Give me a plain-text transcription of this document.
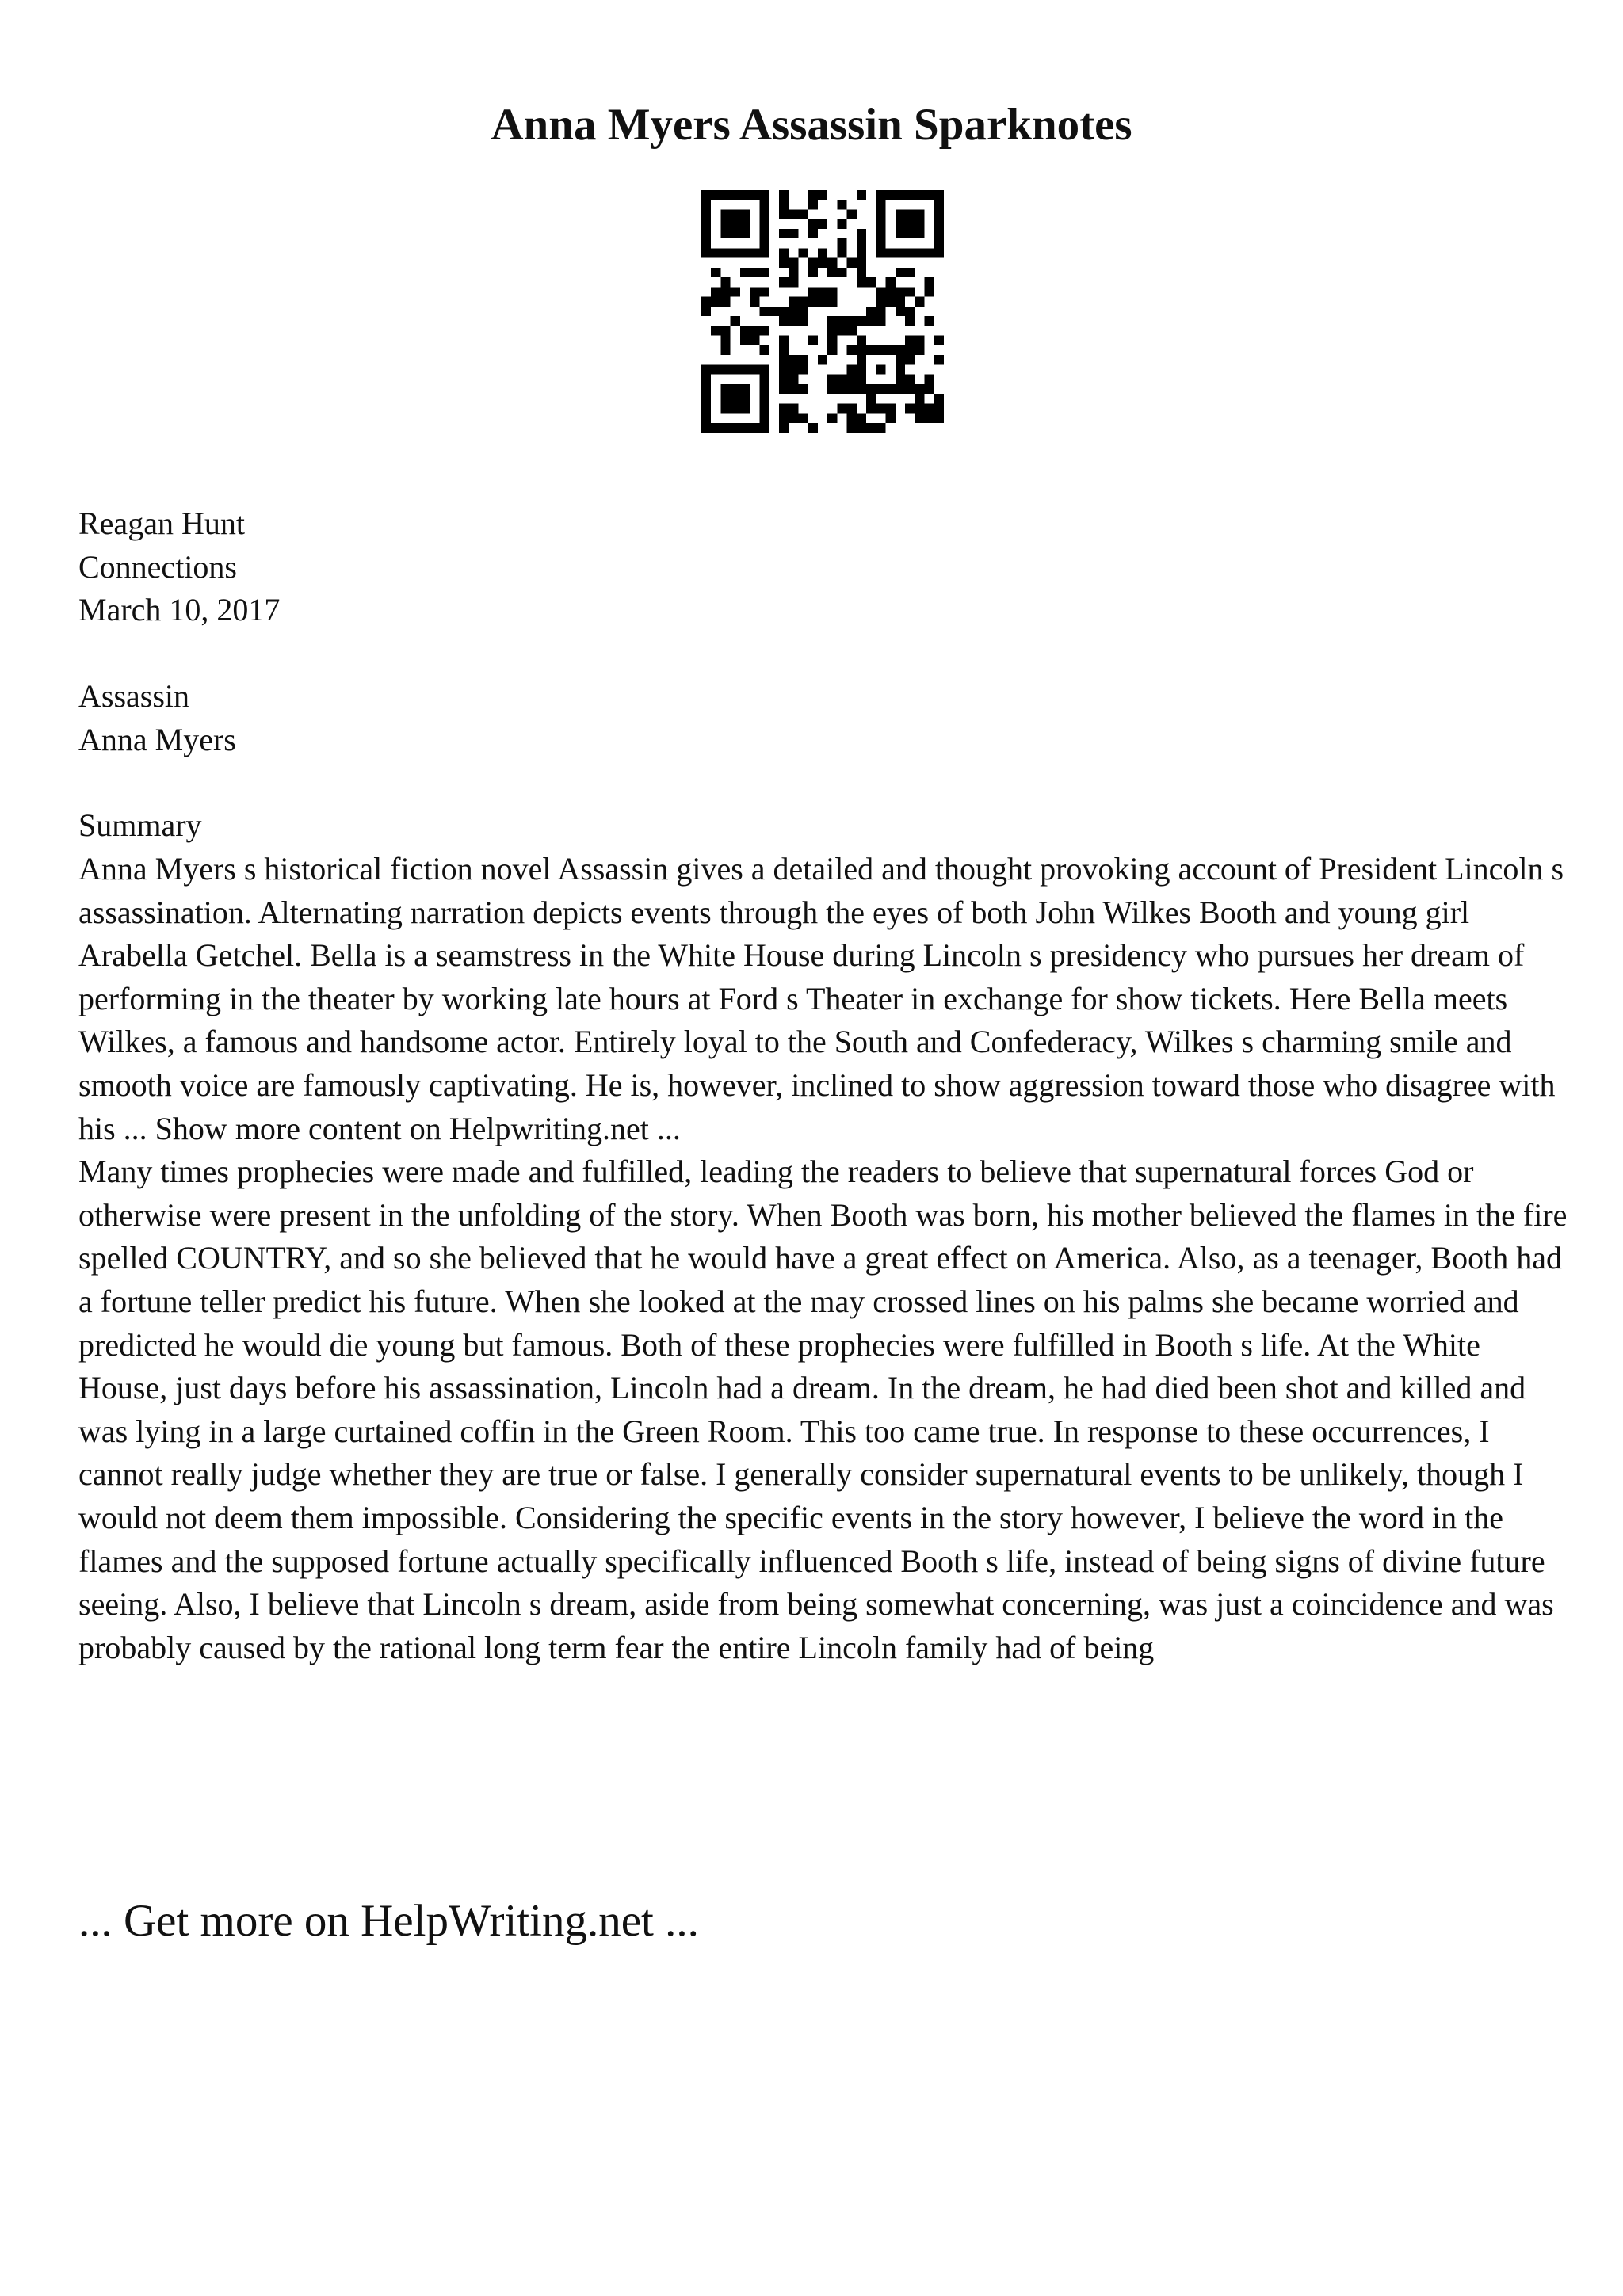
Anna Myers Assassin Sparknotes
Reagan Hunt
Connections
March 10, 2017
Assassin
Anna Myers
Summary

Anna Myers s historical fiction novel Assassin gives a detailed and thought provoking account of President Lincoln s assassination. Alternating narration depicts events through the eyes of both John Wilkes Booth and young girl Arabella Getchel. Bella is a seamstress in the White House during Lincoln s presidency who pursues her dream of performing in the theater by working late hours at Ford s Theater in exchange for show tickets. Here Bella meets Wilkes, a famous and handsome actor. Entirely loyal to the South and Confederacy, Wilkes s charming smile and smooth voice are famously captivating. He is, however, inclined to show aggression toward those who disagree with his ... Show more content on Helpwriting.net ...

Many times prophecies were made and fulfilled, leading the readers to believe that supernatural forces God or otherwise were present in the unfolding of the story. When Booth was born, his mother believed the flames in the fire spelled COUNTRY, and so she believed that he would have a great effect on America. Also, as a teenager, Booth had a fortune teller predict his future. When she looked at the may crossed lines on his palms she became worried and predicted he would die young but famous. Both of these prophecies were fulfilled in Booth s life. At the White House, just days before his assassination, Lincoln had a dream. In the dream, he had died been shot and killed and was lying in a large curtained coffin in the Green Room. This too came true. In response to these occurrences, I cannot really judge whether they are true or false. I generally consider supernatural events to be unlikely, though I would not deem them impossible. Considering the specific events in the story however, I believe the word in the flames and the supposed fortune actually specifically influenced Booth s life, instead of being signs of divine future seeing. Also, I believe that Lincoln s dream, aside from being somewhat concerning, was just a coincidence and was probably caused by the rational long term fear the entire Lincoln family had of being

... Get more on HelpWriting.net ...
